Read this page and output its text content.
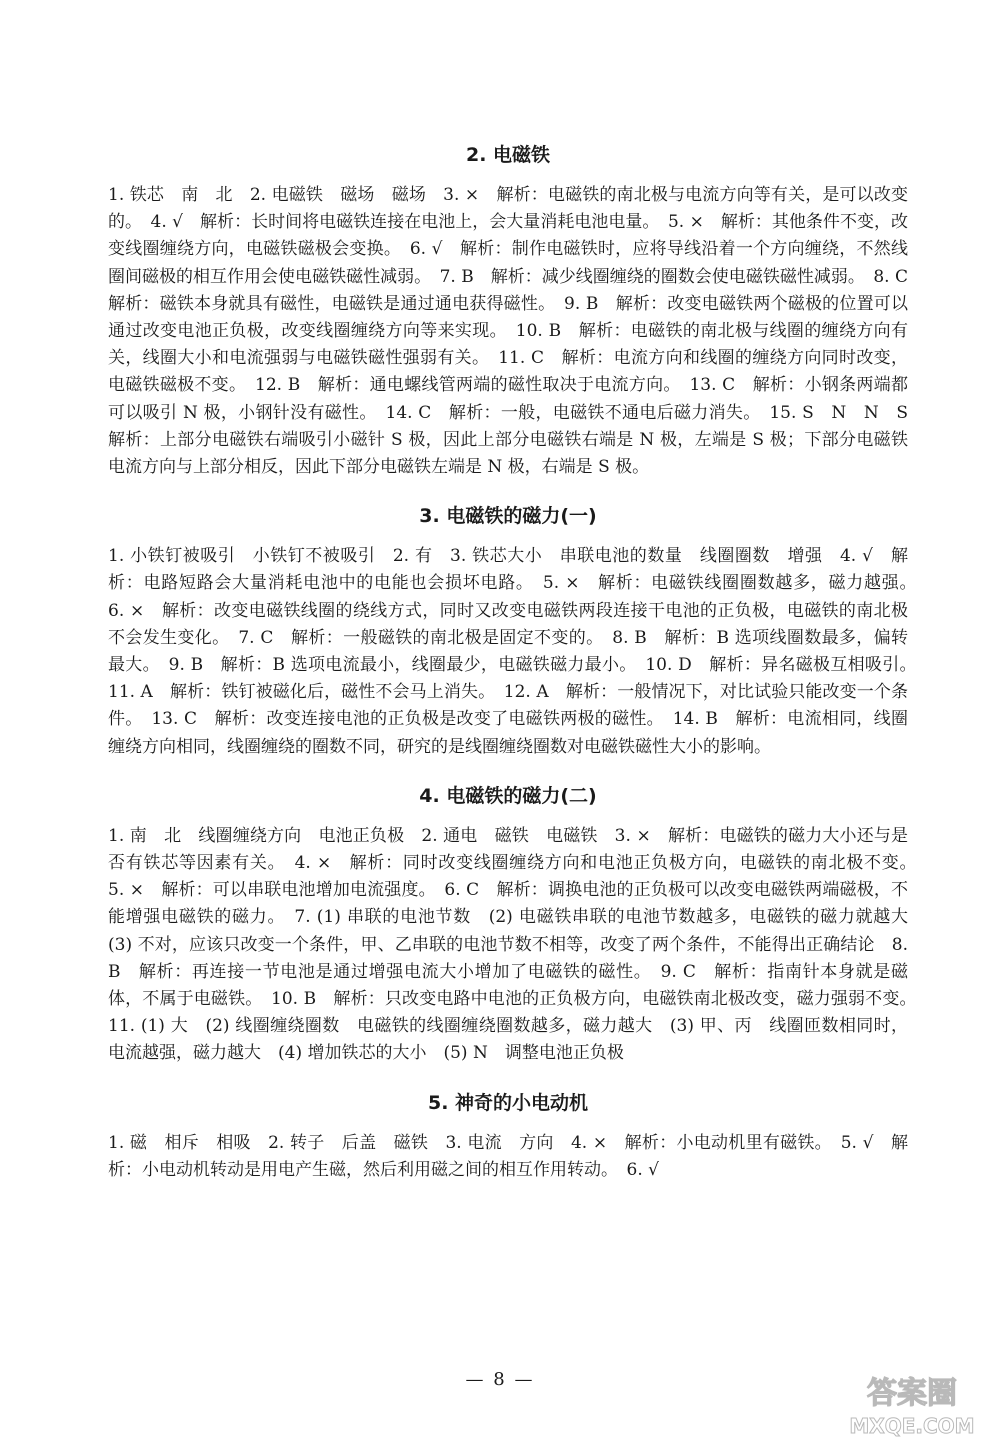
2. 电磁铁
1. 铁芯　南　北　2. 电磁铁　磁场　磁场　3. ×　解析：电磁铁的南北极与电流方向等有关，是可以改变的。　4. √　解析：长时间将电磁铁连接在电池上，会大量消耗电池电量。　5. ×　解析：其他条件不变，改变线圈缠绕方向，电磁铁磁极会变换。　6. √　解析：制作电磁铁时，应将导线沿着一个方向缠绕，不然线圈间磁极的相互作用会使电磁铁磁性减弱。　7. B　解析：减少线圈缠绕的圈数会使电磁铁磁性减弱。　8. C　解析：磁铁本身就具有磁性，电磁铁是通过通电获得磁性。　9. B　解析：改变电磁铁两个磁极的位置可以通过改变电池正负极，改变线圈缠绕方向等来实现。　10. B　解析：电磁铁的南北极与线圈的缠绕方向有关，线圈大小和电流强弱与电磁铁磁性强弱有关。　11. C　解析：电流方向和线圈的缠绕方向同时改变，电磁铁磁极不变。　12. B　解析：通电螺线管两端的磁性取决于电流方向。　13. C　解析：小钢条两端都可以吸引 N 极，小钢针没有磁性。　14. C　解析：一般，电磁铁不通电后磁力消失。　15. S　N　N　S　解析：上部分电磁铁右端吸引小磁针 S 极，因此上部分电磁铁右端是 N 极，左端是 S 极；下部分电磁铁电流方向与上部分相反，因此下部分电磁铁左端是 N 极，右端是 S 极。
3. 电磁铁的磁力(一)
1. 小铁钉被吸引　小铁钉不被吸引　2. 有　3. 铁芯大小　串联电池的数量　线圈圈数　增强　4. √　解析：电路短路会大量消耗电池中的电能也会损坏电路。　5. ×　解析：电磁铁线圈圈数越多，磁力越强。　6. ×　解析：改变电磁铁线圈的绕线方式，同时又改变电磁铁两段连接干电池的正负极，电磁铁的南北极不会发生变化。　7. C　解析：一般磁铁的南北极是固定不变的。　8. B　解析：B 选项线圈数最多，偏转最大。　9. B　解析：B 选项电流最小，线圈最少，电磁铁磁力最小。　10. D　解析：异名磁极互相吸引。　11. A　解析：铁钉被磁化后，磁性不会马上消失。　12. A　解析：一般情况下，对比试验只能改变一个条件。　13. C　解析：改变连接电池的正负极是改变了电磁铁两极的磁性。　14. B　解析：电流相同，线圈缠绕方向相同，线圈缠绕的圈数不同，研究的是线圈缠绕圈数对电磁铁磁性大小的影响。
4. 电磁铁的磁力(二)
1. 南　北　线圈缠绕方向　电池正负极　2. 通电　磁铁　电磁铁　3. ×　解析：电磁铁的磁力大小还与是否有铁芯等因素有关。　4. ×　解析：同时改变线圈缠绕方向和电池正负极方向，电磁铁的南北极不变。　5. ×　解析：可以串联电池增加电流强度。　6. C　解析：调换电池的正负极可以改变电磁铁两端磁极，不能增强电磁铁的磁力。　7. (1) 串联的电池节数　(2) 电磁铁串联的电池节数越多，电磁铁的磁力就越大　(3) 不对，应该只改变一个条件，甲、乙串联的电池节数不相等，改变了两个条件，不能得出正确结论　8. B　解析：再连接一节电池是通过增强电流大小增加了电磁铁的磁性。　9. C　解析：指南针本身就是磁体，不属于电磁铁。　10. B　解析：只改变电路中电池的正负极方向，电磁铁南北极改变，磁力强弱不变。　11. (1) 大　(2) 线圈缠绕圈数　电磁铁的线圈缠绕圈数越多，磁力越大　(3) 甲、丙　线圈匝数相同时，电流越强，磁力越大　(4) 增加铁芯的大小　(5) N　调整电池正负极
5. 神奇的小电动机
1. 磁　相斥　相吸　2. 转子　后盖　磁铁　3. 电流　方向　4. ×　解析：小电动机里有磁铁。　5. √　解析：小电动机转动是用电产生磁，然后利用磁之间的相互作用转动。　6. √
— 8 —	答案圈
MXQE.COM
